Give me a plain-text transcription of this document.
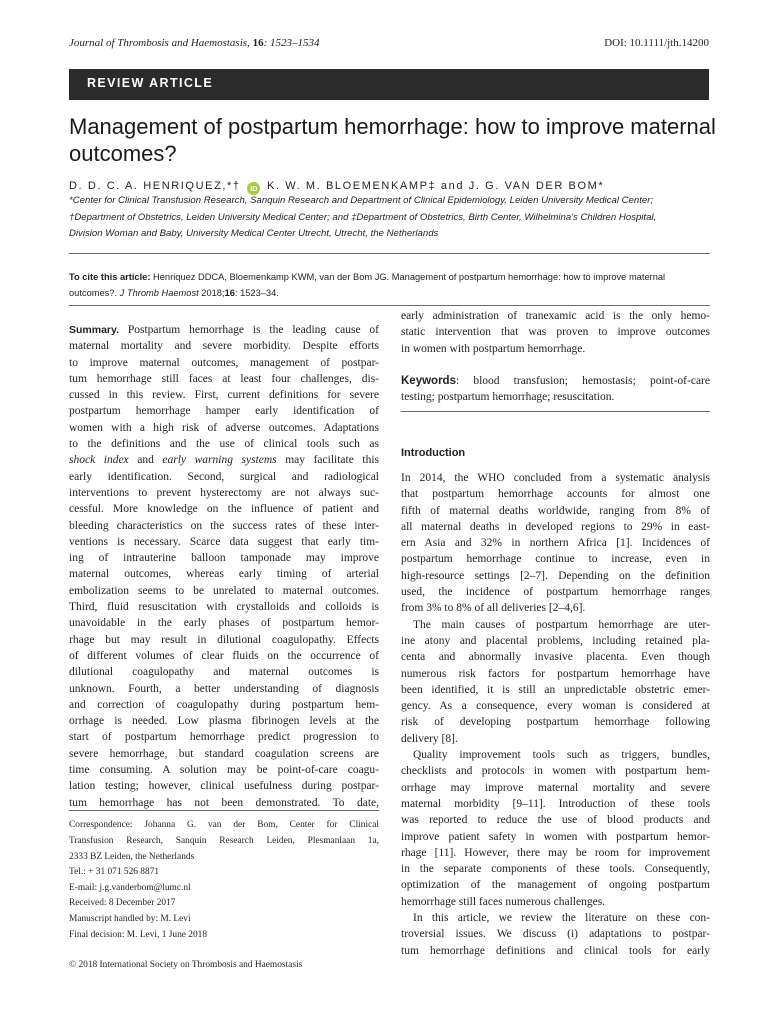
Journal of Thrombosis and Haemostasis, 16: 1523–1534	DOI: 10.1111/jth.14200
REVIEW ARTICLE
Management of postpartum hemorrhage: how to improve maternal outcomes?
D. D. C. A. HENRIQUEZ,*† iD K. W. M. BLOEMENKAMP‡ and J. G. VAN DER BOM*
*Center for Clinical Transfusion Research, Sanquin Research and Department of Clinical Epidemiology, Leiden University Medical Center;
†Department of Obstetrics, Leiden University Medical Center; and ‡Department of Obstetrics, Birth Center, Wilhelmina's Children Hospital,
Division Woman and Baby, University Medical Center Utrecht, Utrecht, the Netherlands
To cite this article: Henriquez DDCA, Bloemenkamp KWM, van der Bom JG. Management of postpartum hemorrhage: how to improve maternal outcomes?. J Thromb Haemost 2018;16: 1523–34.
Summary. Postpartum hemorrhage is the leading cause of
maternal mortality and severe morbidity. Despite efforts
to improve maternal outcomes, management of postpar-
tum hemorrhage still faces at least four challenges, dis-
cussed in this review. First, current definitions for severe
postpartum hemorrhage hamper early identification of
women with a high risk of adverse outcomes. Adaptations
to the definitions and the use of clinical tools such as
shock index and early warning systems may facilitate this
early identification. Second, surgical and radiological
interventions to prevent hysterectomy are not always suc-
cessful. More knowledge on the influence of patient and
bleeding characteristics on the success rates of these inter-
ventions is necessary. Scarce data suggest that early tim-
ing of intrauterine balloon tamponade may improve
maternal outcomes, whereas early timing of arterial
embolization seems to be unrelated to maternal outcomes.
Third, fluid resuscitation with crystalloids and colloids is
unavoidable in the early phases of postpartum hemor-
rhage but may result in dilutional coagulopathy. Effects
of different volumes of clear fluids on the occurrence of
dilutional coagulopathy and maternal outcomes is
unknown. Fourth, a better understanding of diagnosis
and correction of coagulopathy during postpartum hem-
orrhage is needed. Low plasma fibrinogen levels at the
start of postpartum hemorrhage predict progression to
severe hemorrhage, but standard coagulation screens are
time consuming. A solution may be point-of-care coagu-
lation testing; however, clinical usefulness during postpar-
tum hemorrhage has not been demonstrated. To date,
early administration of tranexamic acid is the only hemo-
static intervention that was proven to improve outcomes
in women with postpartum hemorrhage.
Keywords: blood transfusion; hemostasis; point-of-care
testing; postpartum hemorrhage; resuscitation.
Introduction
In 2014, the WHO concluded from a systematic analysis
that postpartum hemorrhage accounts for almost one
fifth of maternal deaths worldwide, ranging from 8% of
all maternal deaths in developed regions to 29% in east-
ern Asia and 32% in northern Africa [1]. Incidences of
postpartum hemorrhage continue to increase, even in
high-resource settings [2–7]. Depending on the definition
used, the incidence of postpartum hemorrhage ranges
from 3% to 8% of all deliveries [2–4,6].
The main causes of postpartum hemorrhage are uter-
ine atony and placental problems, including retained pla-
centa and abnormally invasive placenta. Even though
numerous risk factors for postpartum hemorrhage have
been identified, it is still an unpredictable obstetric emer-
gency. As a consequence, every woman is considered at
risk of developing postpartum hemorrhage following
delivery [8].
Quality improvement tools such as triggers, bundles,
checklists and protocols in women with postpartum hem-
orrhage may improve maternal mortality and severe
maternal morbidity [9–11]. Introduction of these tools
was reported to reduce the use of blood products and
improve patient safety in women with postpartum hemor-
rhage [11]. However, there may be room for improvement
in the separate components of these tools. Consequently,
optimization of the management of ongoing postpartum
hemorrhage still faces numerous challenges.
In this article, we review the literature on these con-
troversial issues. We discuss (i) adaptations to postpar-
tum hemorrhage definitions and clinical tools for early
Correspondence: Johanna G. van der Bom, Center for Clinical
Transfusion Research, Sanquin Research Leiden, Plesmanlaan 1a,
2333 BZ Leiden, the Netherlands
Tel.: + 31 071 526 8871
E-mail: j.g.vanderbom@lumc.nl
Received: 8 December 2017
Manuscript handled by: M. Levi
Final decision: M. Levi, 1 June 2018
© 2018 International Society on Thrombosis and Haemostasis
